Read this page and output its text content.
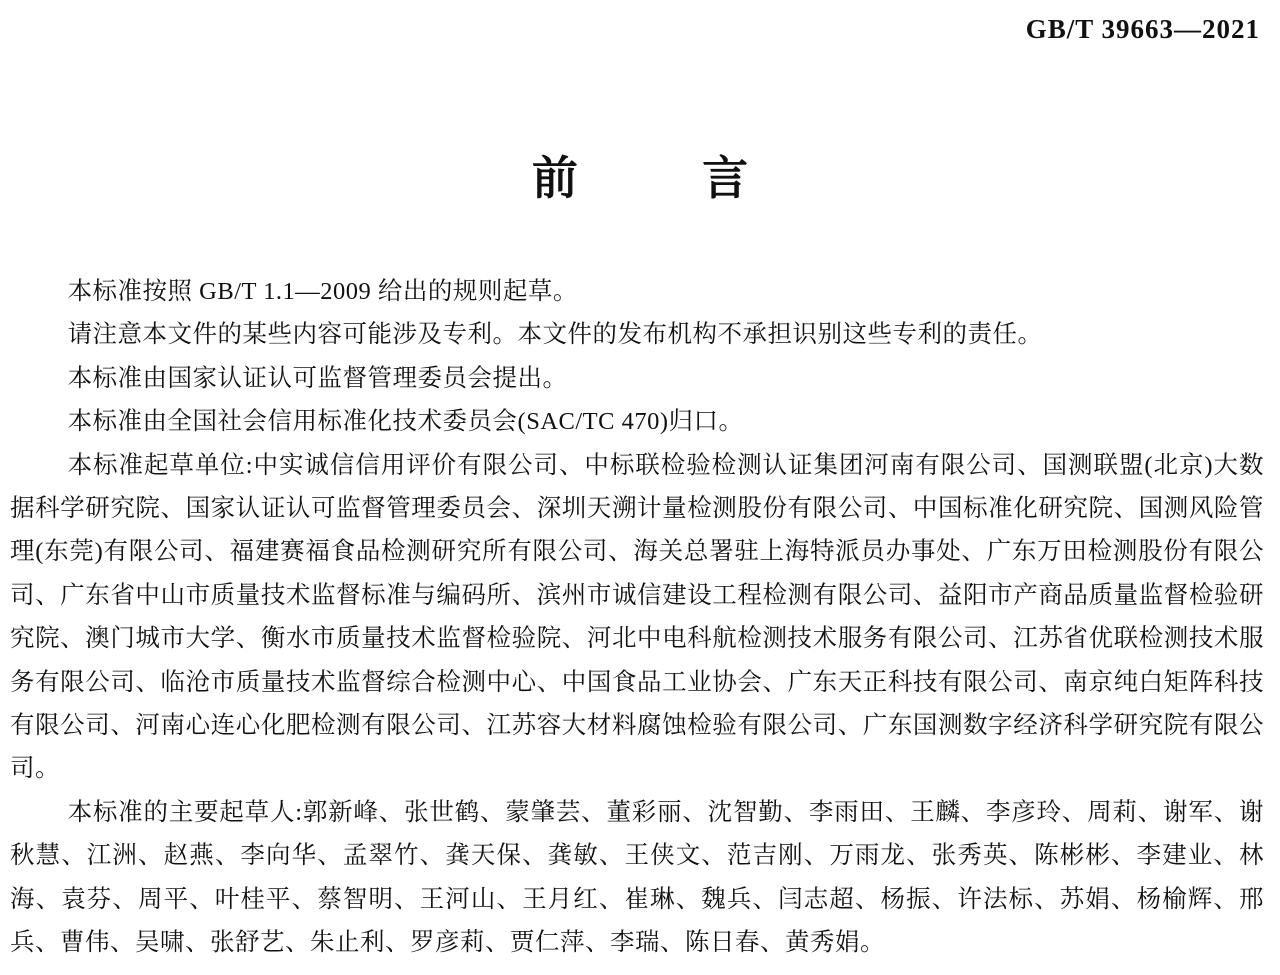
GB/T 39663—2021
前言

本标准按照 GB/T 1.1—2009 给出的规则起草。

请注意本文件的某些内容可能涉及专利。本文件的发布机构不承担识别这些专利的责任。

本标准由国家认证认可监督管理委员会提出。

本标准由全国社会信用标准化技术委员会(SAC/TC 470)归口。

本标准起草单位:中实诚信信用评价有限公司、中标联检验检测认证集团河南有限公司、国测联盟(北京)大数据科学研究院、国家认证认可监督管理委员会、深圳天溯计量检测股份有限公司、中国标准化研究院、国测风险管理(东莞)有限公司、福建赛福食品检测研究所有限公司、海关总署驻上海特派员办事处、广东万田检测股份有限公司、广东省中山市质量技术监督标准与编码所、滨州市诚信建设工程检测有限公司、益阳市产商品质量监督检验研究院、澳门城市大学、衡水市质量技术监督检验院、河北中电科航检测技术服务有限公司、江苏省优联检测技术服务有限公司、临沧市质量技术监督综合检测中心、中国食品工业协会、广东天正科技有限公司、南京纯白矩阵科技有限公司、河南心连心化肥检测有限公司、江苏容大材料腐蚀检验有限公司、广东国测数字经济科学研究院有限公司。

本标准的主要起草人:郭新峰、张世鹤、蒙肇芸、董彩丽、沈智勤、李雨田、王麟、李彦玲、周莉、谢军、谢秋慧、江洲、赵燕、李向华、孟翠竹、龚天保、龚敏、王侠文、范吉刚、万雨龙、张秀英、陈彬彬、李建业、林海、袁芬、周平、叶桂平、蔡智明、王河山、王月红、崔琳、魏兵、闫志超、杨振、许法标、苏娟、杨榆辉、邢兵、曹伟、吴啸、张舒艺、朱止利、罗彦莉、贾仁萍、李瑞、陈日春、黄秀娟。
